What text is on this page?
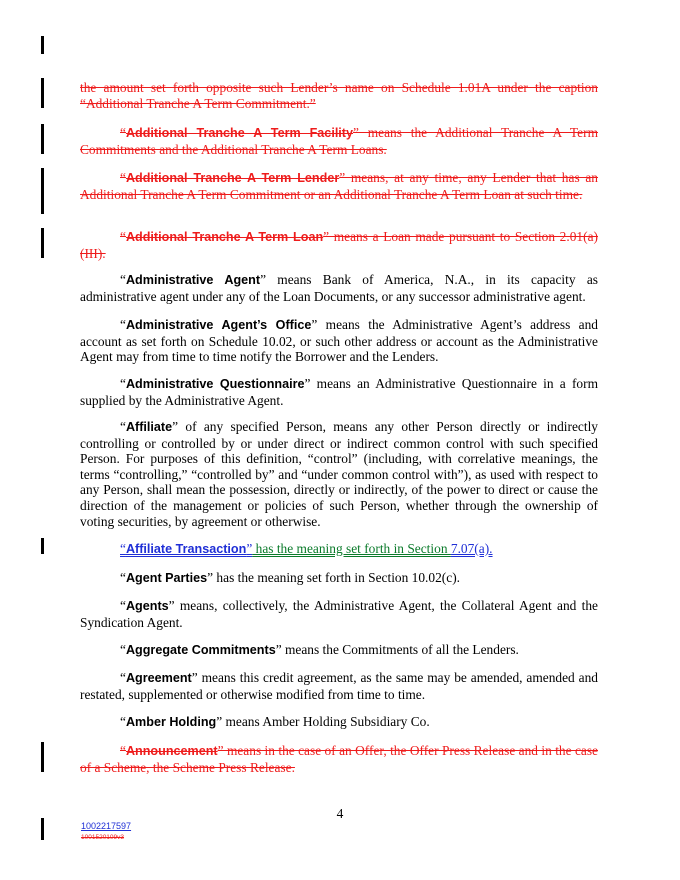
the amount set forth opposite such Lender’s name on Schedule 1.01A under the caption “Additional Tranche A Term Commitment.”

“Additional Tranche A Term Facility” means the Additional Tranche A Term Commitments and the Additional Tranche A Term Loans.

“Additional Tranche A Term Lender” means, at any time, any Lender that has an Additional Tranche A Term Commitment or an Additional Tranche A Term Loan at such time.

“Additional Tranche A Term Loan” means a Loan made pursuant to Section 2.01(a)(III).

“Administrative Agent” means Bank of America, N.A., in its capacity as administrative agent under any of the Loan Documents, or any successor administrative agent.

“Administrative Agent’s Office” means the Administrative Agent’s address and account as set forth on Schedule 10.02, or such other address or account as the Administrative Agent may from time to time notify the Borrower and the Lenders.

“Administrative Questionnaire” means an Administrative Questionnaire in a form supplied by the Administrative Agent.

“Affiliate” of any specified Person, means any other Person directly or indirectly controlling or controlled by or under direct or indirect common control with such specified Person. For purposes of this definition, “control” (including, with correlative meanings, the terms “controlling,” “controlled by” and “under common control with”), as used with respect to any Person, shall mean the possession, directly or indirectly, of the power to direct or cause the direction of the management or policies of such Person, whether through the ownership of voting securities, by agreement or otherwise.

“Affiliate Transaction” has the meaning set forth in Section 7.07(a).

“Agent Parties” has the meaning set forth in Section 10.02(c).

“Agents” means, collectively, the Administrative Agent, the Collateral Agent and the Syndication Agent.

“Aggregate Commitments” means the Commitments of all the Lenders.

“Agreement” means this credit agreement, as the same may be amended, amended and restated, supplemented or otherwise modified from time to time.

“Amber Holding” means Amber Holding Subsidiary Co.

“Announcement” means in the case of an Offer, the Offer Press Release and in the case of a Scheme, the Scheme Press Release.

4
1002217597
1001520109v3
